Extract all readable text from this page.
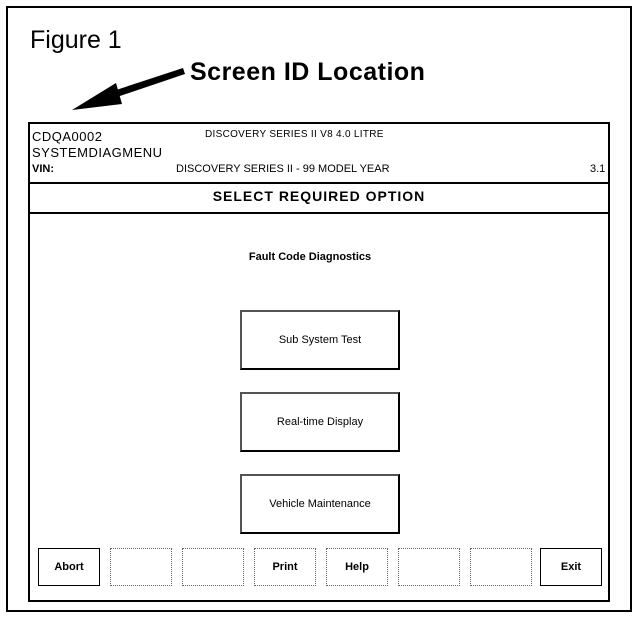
Figure 1
Screen ID Location
CDQA0002	DISCOVERY SERIES II V8 4.0 LITRE
SYSTEMDIAGMENU
VIN:	DISCOVERY SERIES II - 99 MODEL YEAR	3.1
SELECT REQUIRED OPTION
Fault Code Diagnostics
Sub System Test
Real-time Display
Vehicle Maintenance
Abort	Print	Help	Exit
